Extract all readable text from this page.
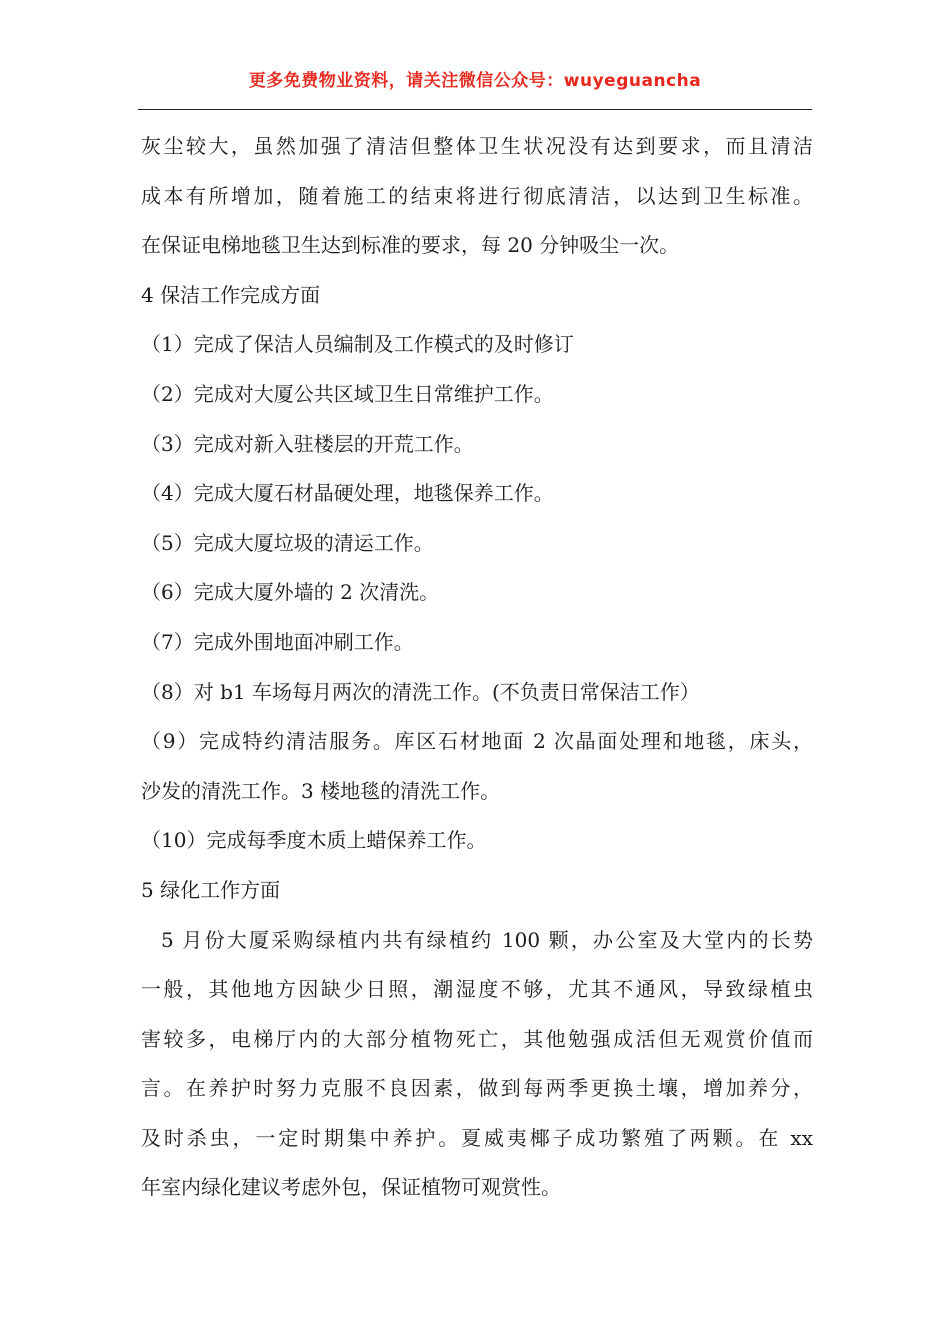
更多免费物业资料，请关注微信公众号：wuyeguancha

灰尘较大，虽然加强了清洁但整体卫生状况没有达到要求，而且清洁

成本有所增加，随着施工的结束将进行彻底清洁，以达到卫生标准。

在保证电梯地毯卫生达到标准的要求，每 20 分钟吸尘一次。

4 保洁工作完成方面

（1）完成了保洁人员编制及工作模式的及时修订

（2）完成对大厦公共区域卫生日常维护工作。

（3）完成对新入驻楼层的开荒工作。

（4）完成大厦石材晶硬处理，地毯保养工作。

（5）完成大厦垃圾的清运工作。

（6）完成大厦外墙的 2 次清洗。

（7）完成外围地面冲刷工作。

（8）对 b1 车场每月两次的清洗工作。(不负责日常保洁工作）

（9）完成特约清洁服务。库区石材地面 2 次晶面处理和地毯，床头，

沙发的清洗工作。3 楼地毯的清洗工作。

（10）完成每季度木质上蜡保养工作。

5 绿化工作方面

5 月份大厦采购绿植内共有绿植约 100 颗，办公室及大堂内的长势

一般，其他地方因缺少日照，潮湿度不够，尤其不通风，导致绿植虫

害较多，电梯厅内的大部分植物死亡，其他勉强成活但无观赏价值而

言。在养护时努力克服不良因素，做到每两季更换土壤，增加养分，

及时杀虫，一定时期集中养护。夏威夷椰子成功繁殖了两颗。在 xx

年室内绿化建议考虑外包，保证植物可观赏性。
